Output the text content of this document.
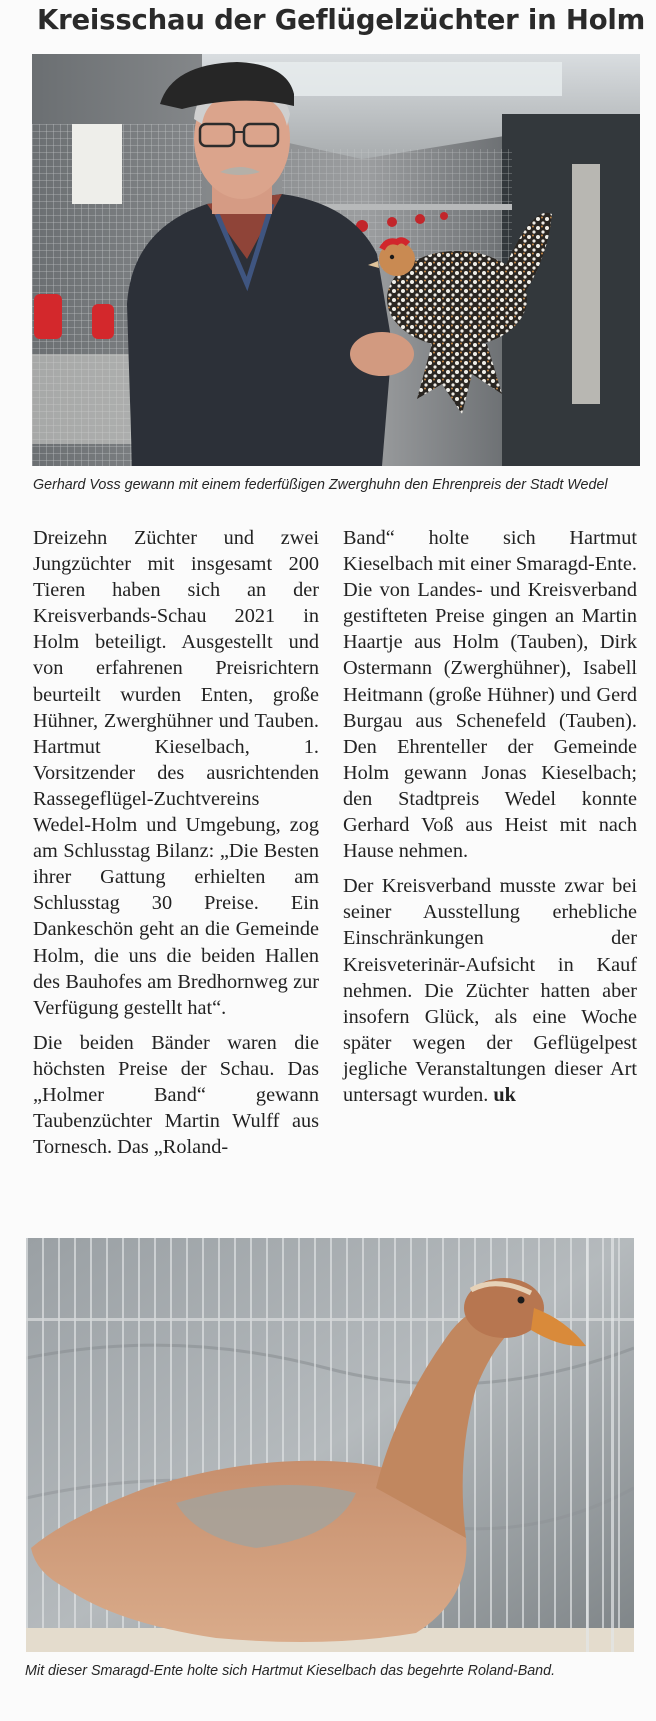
Kreisschau der Geflügelzüchter in Holm

Gerhard Voss gewann mit einem federfüßigen Zwerghuhn den Ehrenpreis der Stadt Wedel

Dreizehn Züchter und zwei Jungzüchter mit insgesamt 200 Tieren haben sich an der Kreisverbands-Schau 2021 in Holm beteiligt. Ausgestellt und von erfahrenen Preisrichtern beurteilt wurden Enten, große Hühner, Zwerghühner und Tauben. Hartmut Kieselbach, 1. Vorsitzender des ausrichtenden Rassegeflügel-Zuchtvereins Wedel-Holm und Umgebung, zog am Schlusstag Bilanz: „Die Besten ihrer Gattung erhielten am Schlusstag 30 Preise. Ein Dankeschön geht an die Gemeinde Holm, die uns die beiden Hallen des Bauhofes am Bredhornweg zur Verfügung gestellt hat“.

Die beiden Bänder waren die höchsten Preise der Schau. Das „Holmer Band“ gewann Taubenzüchter Martin Wulff aus Tornesch. Das „Roland-

Band“ holte sich Hartmut Kieselbach mit einer Smaragd-Ente. Die von Landes- und Kreisverband gestifteten Preise gingen an Martin Haartje aus Holm (Tauben), Dirk Ostermann (Zwerghühner), Isabell Heitmann (große Hühner) und Gerd Burgau aus Schenefeld (Tauben). Den Ehrenteller der Gemeinde Holm gewann Jonas Kieselbach; den Stadtpreis Wedel konnte Gerhard Voß aus Heist mit nach Hause nehmen.

Der Kreisverband musste zwar bei seiner Ausstellung erhebliche Einschränkungen der Kreisveterinär-Aufsicht in Kauf nehmen. Die Züchter hatten aber insofern Glück, als eine Woche später wegen der Geflügelpest jegliche Veranstaltungen dieser Art untersagt wurden. uk

Mit dieser Smaragd-Ente holte sich Hartmut Kieselbach das begehrte Roland-Band.
